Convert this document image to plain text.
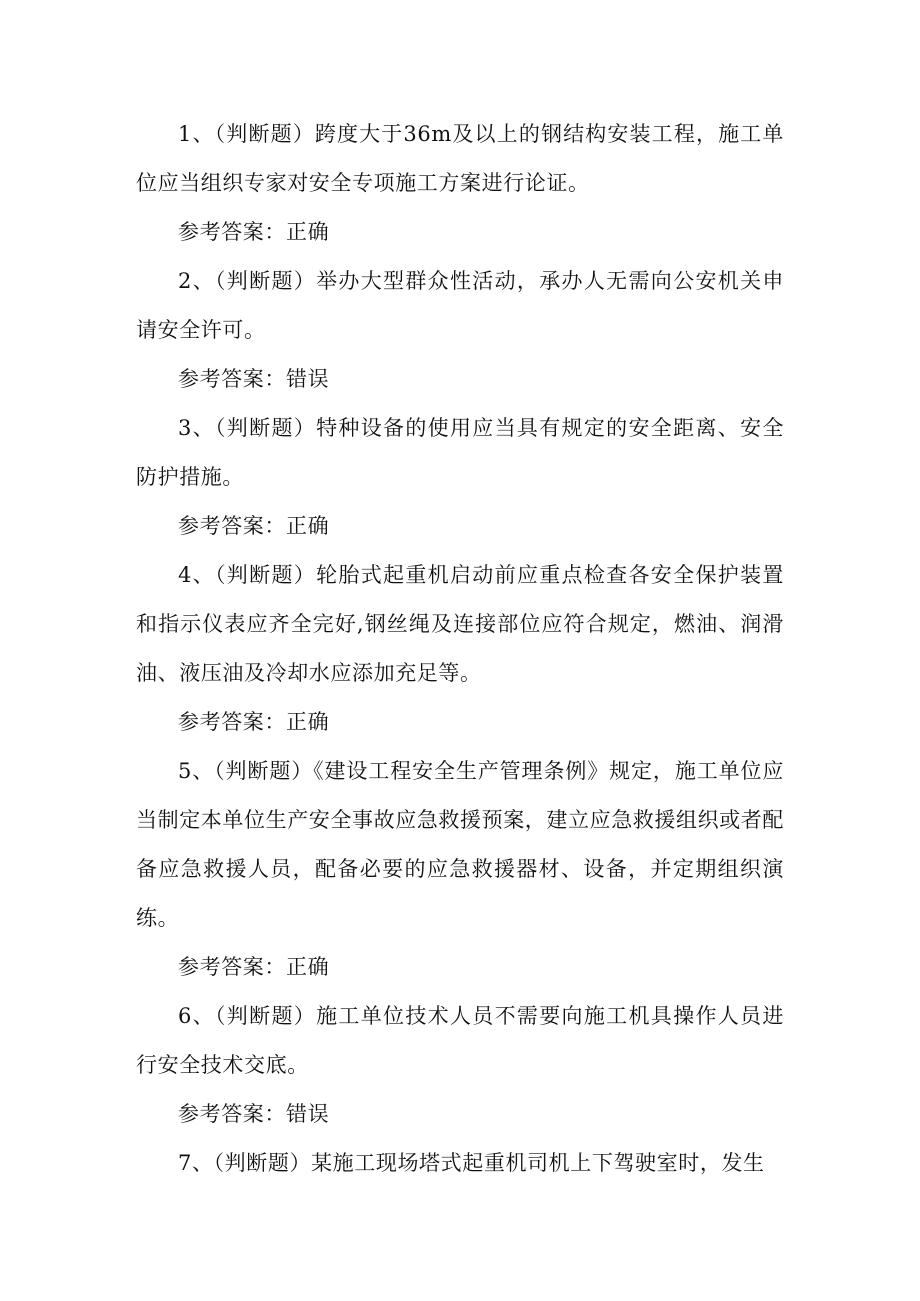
1、（判断题）跨度大于36m及以上的钢结构安装工程，施工单位应当组织专家对安全专项施工方案进行论证。

参考答案：正确

2、（判断题）举办大型群众性活动，承办人无需向公安机关申请安全许可。

参考答案：错误

3、（判断题）特种设备的使用应当具有规定的安全距离、安全防护措施。

参考答案：正确

4、（判断题）轮胎式起重机启动前应重点检查各安全保护装置和指示仪表应齐全完好,钢丝绳及连接部位应符合规定，燃油、润滑油、液压油及冷却水应添加充足等。

参考答案：正确

5、（判断题）《建设工程安全生产管理条例》规定，施工单位应当制定本单位生产安全事故应急救援预案，建立应急救援组织或者配备应急救援人员，配备必要的应急救援器材、设备，并定期组织演练。

参考答案：正确

6、（判断题）施工单位技术人员不需要向施工机具操作人员进行安全技术交底。

参考答案：错误

7、（判断题）某施工现场塔式起重机司机上下驾驶室时，发生
